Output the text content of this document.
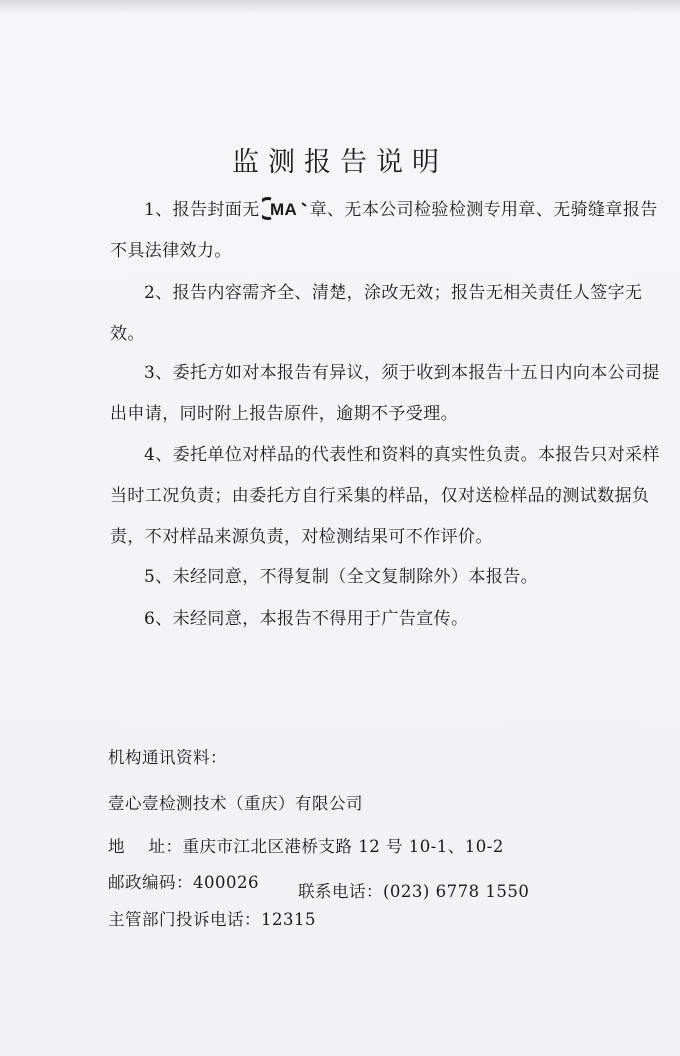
监测报告说明
1、报告封面无 MA 章、无本公司检验检测专用章、无骑缝章报告不具法律效力。
2、报告内容需齐全、清楚，涂改无效；报告无相关责任人签字无效。
3、委托方如对本报告有异议，须于收到本报告十五日内向本公司提出申请，同时附上报告原件，逾期不予受理。
4、委托单位对样品的代表性和资料的真实性负责。本报告只对采样当时工况负责；由委托方自行采集的样品，仅对送检样品的测试数据负责，不对样品来源负责，对检测结果可不作评价。
5、未经同意，不得复制（全文复制除外）本报告。
6、未经同意，本报告不得用于广告宣传。
机构通讯资料：
壹心壹检测技术（重庆）有限公司
地址：重庆市江北区港桥支路 12 号 10-1、10-2
邮政编码：400026 联系电话：(023) 6778 1550
主管部门投诉电话：12315
